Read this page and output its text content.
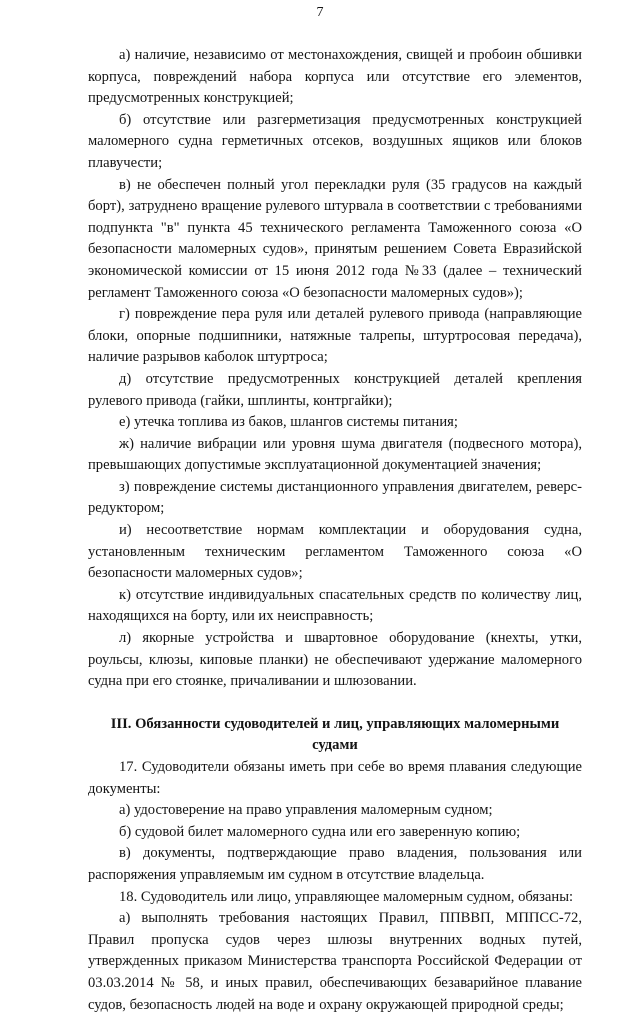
7

а) наличие, независимо от местонахождения, свищей и пробоин обшивки корпуса, повреждений набора корпуса или отсутствие его элементов, предусмотренных конструкцией;

б) отсутствие или разгерметизация предусмотренных конструкцией маломерного судна герметичных отсеков, воздушных ящиков или блоков плавучести;

в) не обеспечен полный угол перекладки руля (35 градусов на каждый борт), затруднено вращение рулевого штурвала в соответствии с требованиями подпункта "в" пункта 45 технического регламента Таможенного союза «О безопасности маломерных судов», принятым решением Совета Евразийской экономической комиссии от 15 июня 2012 года №33 (далее – технический регламент Таможенного союза «О безопасности маломерных судов»);

г) повреждение пера руля или деталей рулевого привода (направляющие блоки, опорные подшипники, натяжные талрепы, штуртросовая передача), наличие разрывов каболок штуртроса;

д) отсутствие предусмотренных конструкцией деталей крепления рулевого привода (гайки, шплинты, контргайки);

е) утечка топлива из баков, шлангов системы питания;

ж) наличие вибрации или уровня шума двигателя (подвесного мотора), превышающих допустимые эксплуатационной документацией значения;

з) повреждение системы дистанционного управления двигателем, реверс-редуктором;

и) несоответствие нормам комплектации и оборудования судна, установленным техническим регламентом Таможенного союза «О безопасности маломерных судов»;

к) отсутствие индивидуальных спасательных средств по количеству лиц, находящихся на борту, или их неисправность;

л) якорные устройства и швартовное оборудование (кнехты, утки, роульсы, клюзы, киповые планки) не обеспечивают удержание маломерного судна при его стоянке, причаливании и шлюзовании.

III. Обязанности судоводителей и лиц, управляющих маломерными судами

17. Судоводители обязаны иметь при себе во время плавания следующие документы:

а) удостоверение на право управления маломерным судном;

б) судовой билет маломерного судна или его заверенную копию;

в) документы, подтверждающие право владения, пользования или распоряжения управляемым им судном в отсутствие владельца.

18. Судоводитель или лицо, управляющее маломерным судном, обязаны:

а) выполнять требования настоящих Правил, ППВВП, МППСС-72, Правил пропуска судов через шлюзы внутренних водных путей, утвержденных приказом Министерства транспорта Российской Федерации от 03.03.2014 № 58, и иных правил, обеспечивающих безаварийное плавание судов, безопасность людей на воде и охрану окружающей природной среды;
